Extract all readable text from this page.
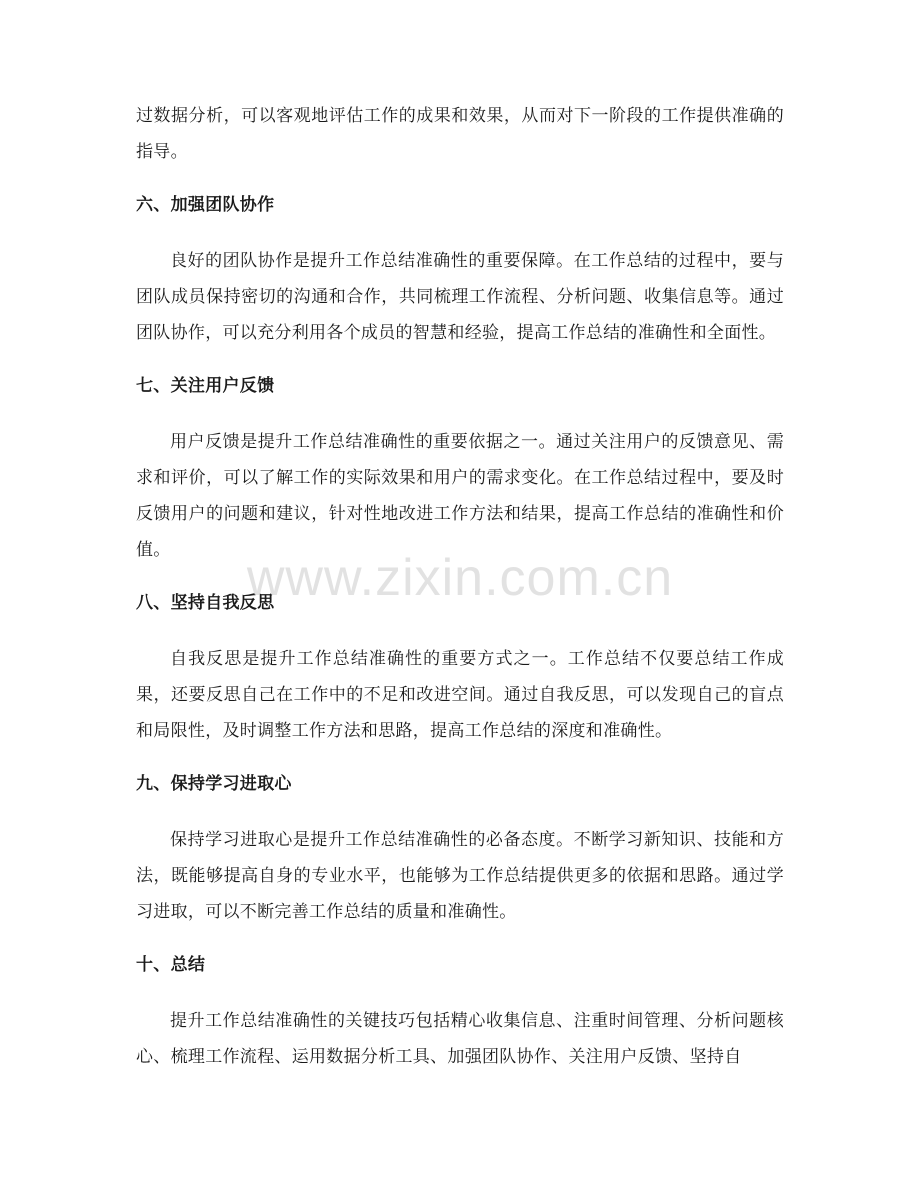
过数据分析，可以客观地评估工作的成果和效果，从而对下一阶段的工作提供准确的指导。

六、加强团队协作

良好的团队协作是提升工作总结准确性的重要保障。在工作总结的过程中，要与团队成员保持密切的沟通和合作，共同梳理工作流程、分析问题、收集信息等。通过团队协作，可以充分利用各个成员的智慧和经验，提高工作总结的准确性和全面性。

七、关注用户反馈

用户反馈是提升工作总结准确性的重要依据之一。通过关注用户的反馈意见、需求和评价，可以了解工作的实际效果和用户的需求变化。在工作总结过程中，要及时反馈用户的问题和建议，针对性地改进工作方法和结果，提高工作总结的准确性和价值。

八、坚持自我反思

自我反思是提升工作总结准确性的重要方式之一。工作总结不仅要总结工作成果，还要反思自己在工作中的不足和改进空间。通过自我反思，可以发现自己的盲点和局限性，及时调整工作方法和思路，提高工作总结的深度和准确性。

九、保持学习进取心

保持学习进取心是提升工作总结准确性的必备态度。不断学习新知识、技能和方法，既能够提高自身的专业水平，也能够为工作总结提供更多的依据和思路。通过学习进取，可以不断完善工作总结的质量和准确性。

十、总结

提升工作总结准确性的关键技巧包括精心收集信息、注重时间管理、分析问题核心、梳理工作流程、运用数据分析工具、加强团队协作、关注用户反馈、坚持自

www.zixin.com.cn
